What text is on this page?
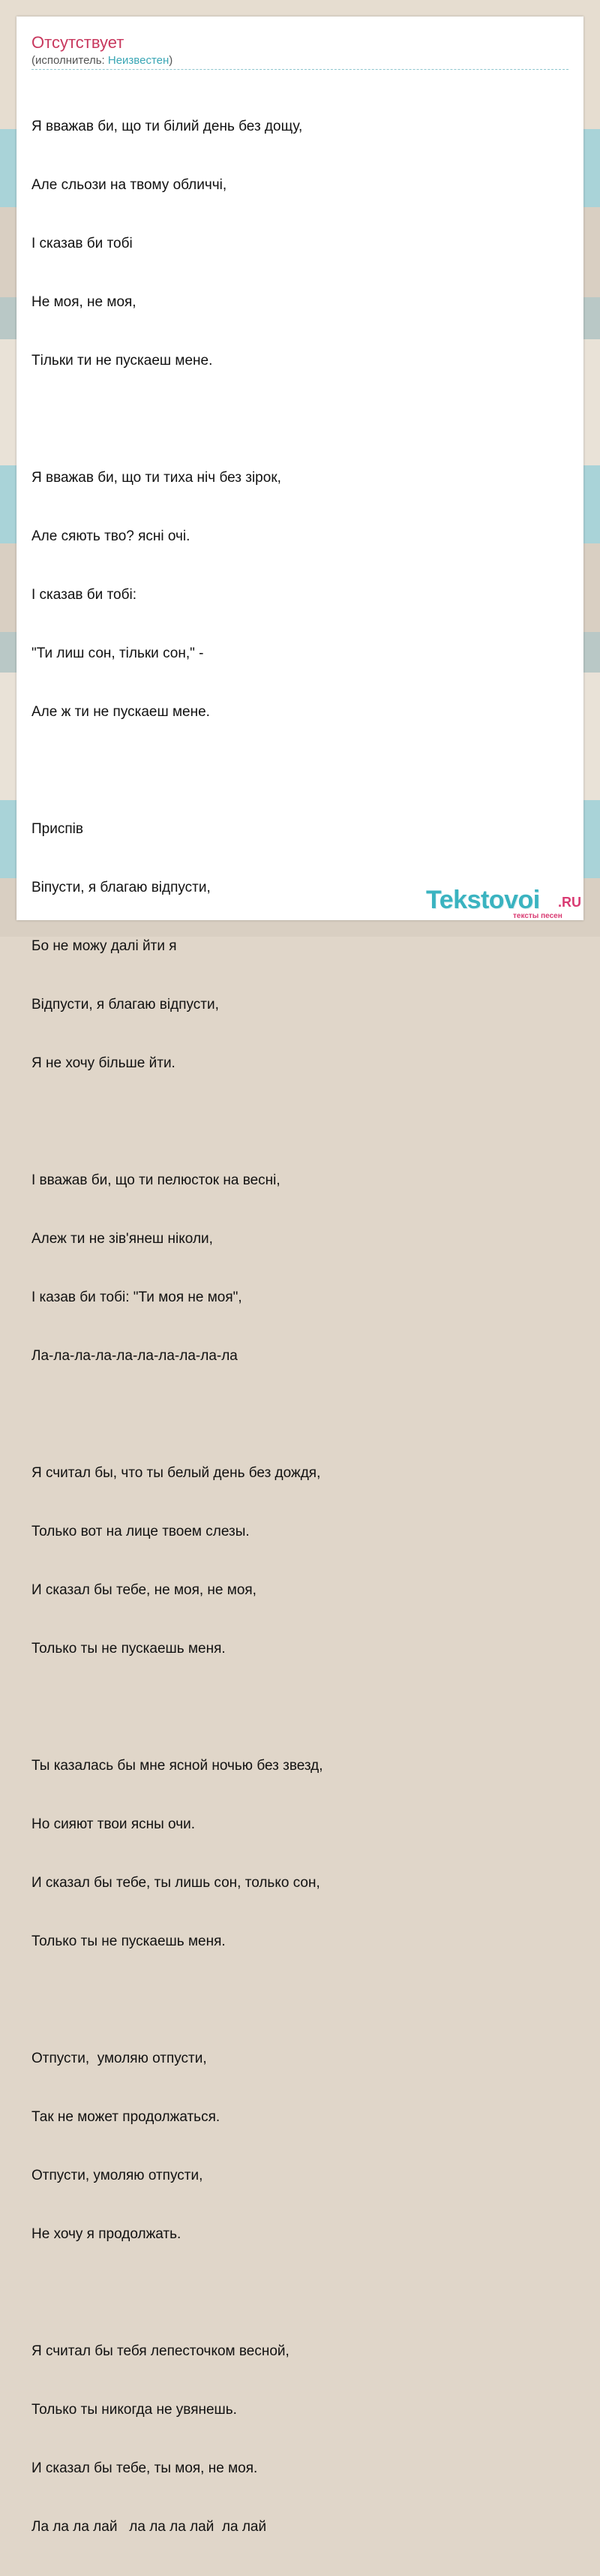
Отсутствует
(исполнитель: Неизвестен)

Я вважав би, що ти білий день без дощу,

Але сльози на твому обличчі,

І сказав би тобі

Не моя, не моя,

Тільки ти не пускаеш мене.

Я вважав би, що ти тиха ніч без зірок,

Але сяють тво? ясні очі.

І сказав би тобі:

"Ти лиш сон, тільки сон," -

Але ж ти не пускаеш мене.

Приспів

Віпусти, я благаю відпусти,

Бо не можу далі йти я

Відпусти, я благаю відпусти,

Я не хочу більше йти.

І вважав би, що ти пелюсток на весні,

Алеж ти не зів'янеш ніколи,

І казав би тобі: "Ти моя не моя",

Ла-ла-ла-ла-ла-ла-ла-ла-ла-ла

Я считал бы, что ты белый день без дождя,

Только вот на лице твоем слезы.

И сказал бы тебе, не моя, не моя,

Только ты не пускаешь меня.

Ты казалась бы мне ясной ночью без звезд,

Но сияют твои ясны очи.

И сказал бы тебе, ты лишь сон, только сон,

Только ты не пускаешь меня.

Отпусти,  умоляю отпусти,

Так не может продолжаться.

Отпусти, умоляю отпусти,

Не хочу я продолжать.

Я считал бы тебя лепесточком весной,

Только ты никогда не увянешь.

И сказал бы тебе, ты моя, не моя.

Ла ла ла лай   ла ла ла лай  ла лай

Tekstovoi .RU
тексты песен
